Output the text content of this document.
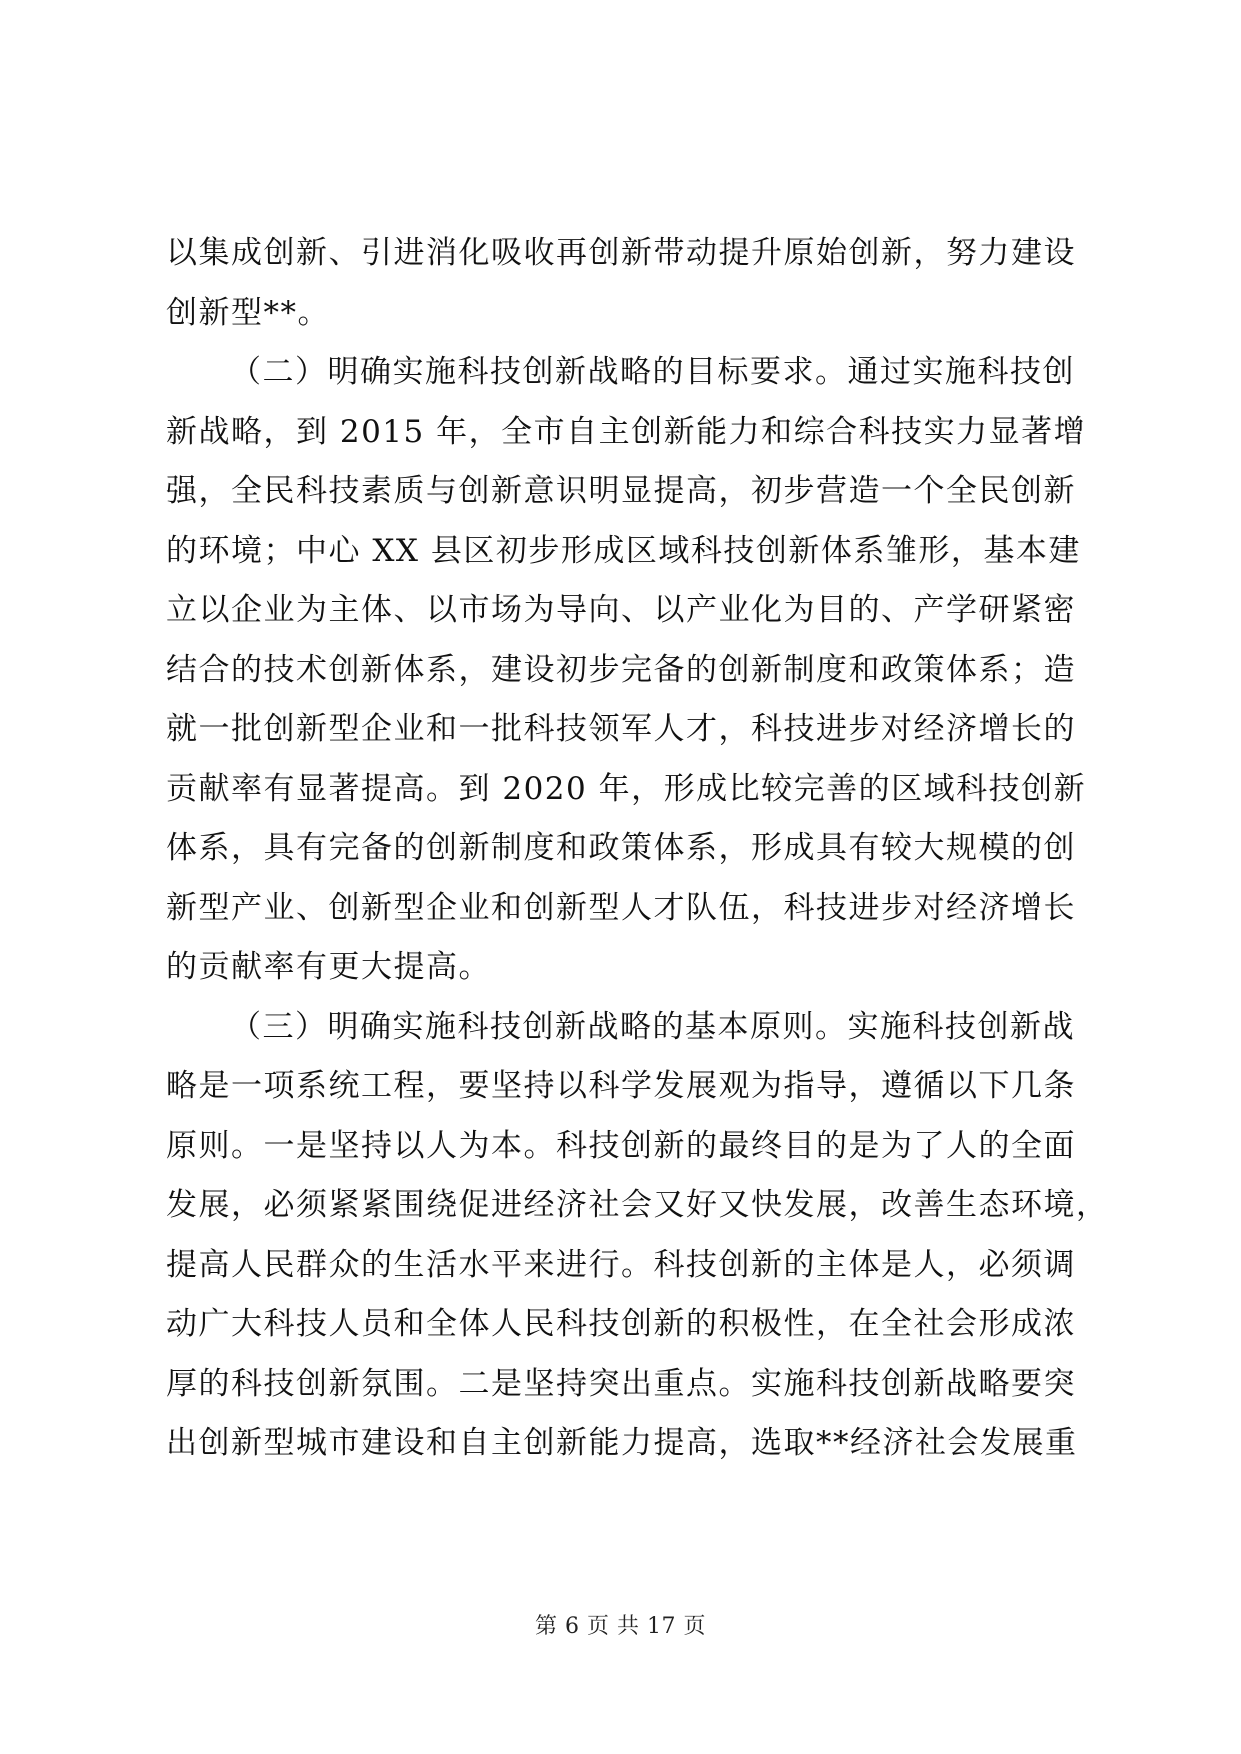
以集成创新、引进消化吸收再创新带动提升原始创新，努力建设
创新型**。
（二）明确实施科技创新战略的目标要求。通过实施科技创
新战略，到 2015 年，全市自主创新能力和综合科技实力显著增
强，全民科技素质与创新意识明显提高，初步营造一个全民创新
的环境；中心 XX 县区初步形成区域科技创新体系雏形，基本建
立以企业为主体、以市场为导向、以产业化为目的、产学研紧密
结合的技术创新体系，建设初步完备的创新制度和政策体系；造
就一批创新型企业和一批科技领军人才，科技进步对经济增长的
贡献率有显著提高。到 2020 年，形成比较完善的区域科技创新
体系，具有完备的创新制度和政策体系，形成具有较大规模的创
新型产业、创新型企业和创新型人才队伍，科技进步对经济增长
的贡献率有更大提高。
（三）明确实施科技创新战略的基本原则。实施科技创新战
略是一项系统工程，要坚持以科学发展观为指导，遵循以下几条
原则。一是坚持以人为本。科技创新的最终目的是为了人的全面
发展，必须紧紧围绕促进经济社会又好又快发展，改善生态环境，
提高人民群众的生活水平来进行。科技创新的主体是人，必须调
动广大科技人员和全体人民科技创新的积极性，在全社会形成浓
厚的科技创新氛围。二是坚持突出重点。实施科技创新战略要突
出创新型城市建设和自主创新能力提高，选取**经济社会发展重
第 6 页 共 17 页
